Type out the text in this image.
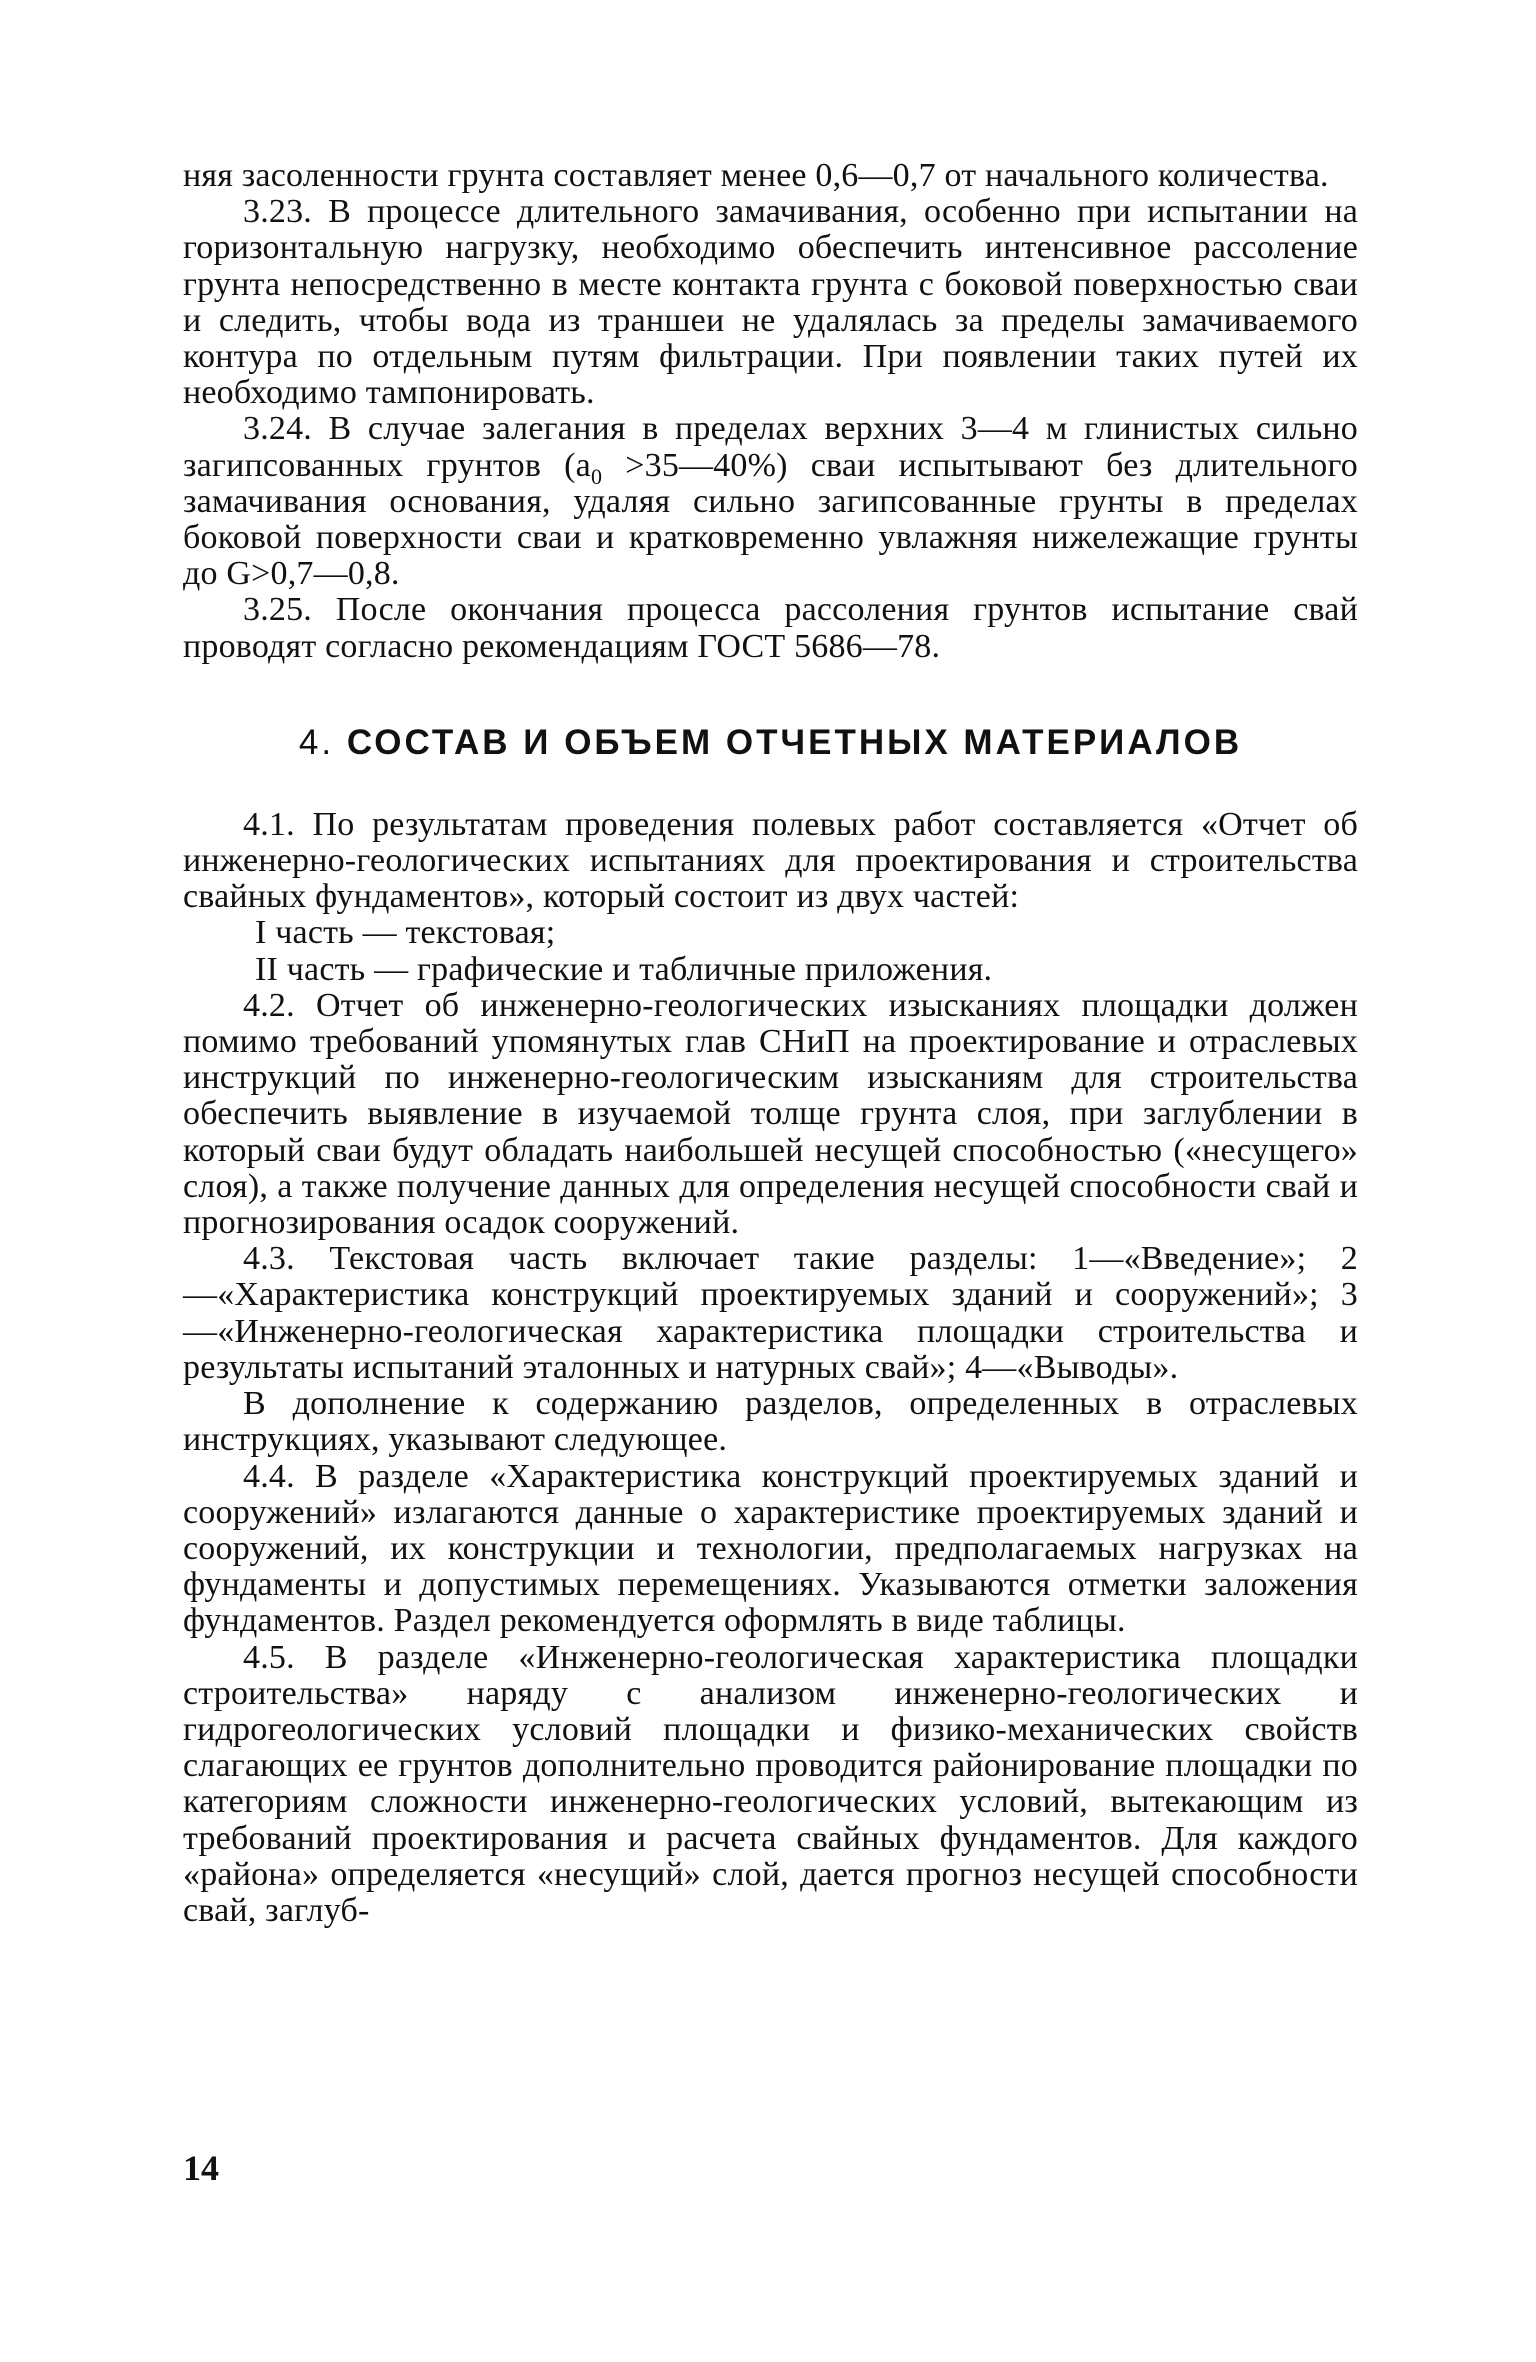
няя засоленности грунта составляет менее 0,6—0,7 от начального количества.

3.23. В процессе длительного замачивания, особенно при испытании на горизонтальную нагрузку, необходимо обеспечить интенсивное рассоление грунта непосредственно в месте контакта грунта с боковой поверхностью сваи и следить, чтобы вода из траншеи не удалялась за пределы замачиваемого контура по отдельным путям фильтрации. При появлении таких путей их необходимо тампонировать.

3.24. В случае залегания в пределах верхних 3—4 м глинистых сильно загипсованных грунтов ($a_0$ >35—40%) сваи испытывают без длительного замачивания основания, удаляя сильно загипсованные грунты в пределах боковой поверхности сваи и кратковременно увлажняя нижележащие грунты до G>0,7—0,8.

3.25. После окончания процесса рассоления грунтов испытание свай проводят согласно рекомендациям ГОСТ 5686—78.

4. СОСТАВ И ОБЪЕМ ОТЧЕТНЫХ МАТЕРИАЛОВ

4.1. По результатам проведения полевых работ составляется «Отчет об инженерно-геологических испытаниях для проектирования и строительства свайных фундаментов», который состоит из двух частей:

I часть — текстовая;

II часть — графические и табличные приложения.

4.2. Отчет об инженерно-геологических изысканиях площадки должен помимо требований упомянутых глав СНиП на проектирование и отраслевых инструкций по инженерно-геологическим изысканиям для строительства обеспечить выявление в изучаемой толще грунта слоя, при заглублении в который сваи будут обладать наибольшей несущей способностью («несущего» слоя), а также получение данных для определения несущей способности свай и прогнозирования осадок сооружений.

4.3. Текстовая часть включает такие разделы: 1—«Введение»; 2—«Характеристика конструкций проектируемых зданий и сооружений»; 3—«Инженерно-геологическая характеристика площадки строительства и результаты испытаний эталонных и натурных свай»; 4—«Выводы».

В дополнение к содержанию разделов, определенных в отраслевых инструкциях, указывают следующее.

4.4. В разделе «Характеристика конструкций проектируемых зданий и сооружений» излагаются данные о характеристике проектируемых зданий и сооружений, их конструкции и технологии, предполагаемых нагрузках на фундаменты и допустимых перемещениях. Указываются отметки заложения фундаментов. Раздел рекомендуется оформлять в виде таблицы.

4.5. В разделе «Инженерно-геологическая характеристика площадки строительства» наряду с анализом инженерно-геологических и гидрогеологических условий площадки и физико-механических свойств слагающих ее грунтов дополнительно проводится районирование площадки по категориям сложности инженерно-геологических условий, вытекающим из требований проектирования и расчета свайных фундаментов. Для каждого «района» определяется «несущий» слой, дается прогноз несущей способности свай, заглуб-

14
